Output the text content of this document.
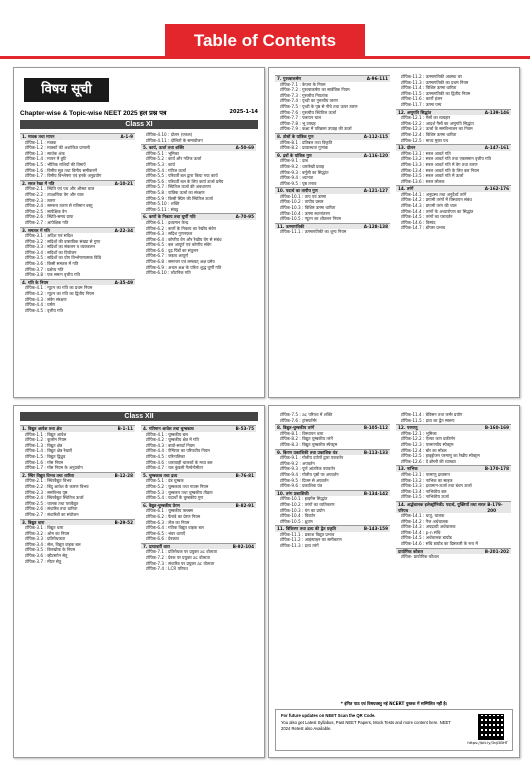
Table of Contents
विषय सूची
Chapter-wise & Topic-wise NEET 2025 हल प्रश्न पत्र	2025-1-14
Class XI
1. मात्रक तथा मापन	A-1-9
टॉपिक-1.1 : मात्रक
टॉपिक-1.2 : मात्रकों की अशांकित प्रणाली
टॉपिक-1.3 : सार्थक अंक
टॉपिक-1.4 : मापन में त्रुटि
टॉपिक-1.5 : भौतिक राशियों की विमाएँ
टॉपिक-1.6 : विमीय सूत्र तथा विमीय समीकरणें
टॉपिक-1.7 : विमीय विश्लेषण एवं इनके अनुप्रयोग
2. सरल रेखा में गति	A-10-21
टॉपिक-2.1 : स्थिति एवं पथ और औसत चाल
टॉपिक-2.2 : तात्क्षणिक वेग और चाल
टॉपिक-2.3 : त्वरण
टॉपिक-2.4 : समरूप त्वरण से गतिमान वस्तु
टॉपिक-2.5 : सापेक्षिक वेग
टॉपिक-2.6 : स्थिति-समय ग्राफ
टॉपिक-2.7 : आपेक्षिक गति
3. समतल में गति	A-22-34
टॉपिक-3.1 : अदिश एवं सदिश
टॉपिक-3.2 : सदिशों की वास्तविक संख्या से गुणा
टॉपिक-3.3 : सदिशों का संकलन व व्यवकलन
टॉपिक-3.4 : सदिशों का वियोजन
टॉपिक-3.5 : सदिशों का योग विश्लेषणात्मक विधि
टॉपिक-3.6 : किसी समतल में गति
टॉपिक-3.7 : प्रक्षेप्य गति
टॉपिक-3.8 : एक समान वृत्तीय गति
4. गति के नियम	A-35-49
टॉपिक-4.1 : न्यूटन का गति का प्रथम नियम
टॉपिक-4.2 : न्यूटन का गति का द्वितीय नियम
टॉपिक-4.3 : संवेग संरक्षण
टॉपिक-4.4 : घर्षण
टॉपिक-4.5 : वृत्तीय गति
टॉपिक-4.10 : दोलन (एकल)
टॉपिक-4.11 : दोलितों के समायोजन
5. कार्य, ऊर्जा तथा शक्ति	A-50-69
टॉपिक-5.1 : भूमिका
टॉपिक-5.2 : कार्य और गतिज ऊर्जा
टॉपिक-5.3 : कार्य
टॉपिक-5.4 : गतिज ऊर्जा
टॉपिक-5.5 : परिवर्ती बल द्वारा किया गया कार्य
टॉपिक-5.6 : परिवर्ती बल के लिए कार्य ऊर्जा प्रमेय
टॉपिक-5.7 : स्थितिज ऊर्जा की अवधारणा
टॉपिक-5.8 : यांत्रिक ऊर्जा का संरक्षण
टॉपिक-5.9 : किसी स्प्रिंग की स्थितिज ऊर्जा
टॉपिक-5.10 : शक्ति
टॉपिक-5.11 : संघट्ट
6. कणों के निकाय तथा घूर्णी गति	A-70-95
टॉपिक-6.1 : द्रव्यमान केन्द्र
टॉपिक-6.2 : कणों के निकाय का रेखीय संवेग
टॉपिक-6.3 : सदिश गुणनफल
टॉपिक-6.4 : कोणीय वेग और रेखीय वेग से संबंध
टॉपिक-6.5 : बल आघूर्ण एवं कोणीय संवेग
टॉपिक-6.6 : दृढ़ पिंडों का संतुलन
टॉपिक-6.7 : जड़त्व आघूर्ण
टॉपिक-6.8 : समान्तर एवं लम्बवत् अक्ष प्रमेय
टॉपिक-6.9 : अचल अक्ष के परितः शुद्ध घूर्णी गति
टॉपिक-6.10 : लोटनिक गति
7. गुरुत्वाकर्षण	A-96-111
टॉपिक-7.1 : केप्लर के नियम
टॉपिक-7.2 : गुरुत्वाकर्षण का सार्वत्रिक नियम
टॉपिक-7.3 : गुरुत्वीय नियतांक
टॉपिक-7.4 : पृथ्वी का गुरुत्वीय त्वरण
टॉपिक-7.5 : पृथ्वी के पृष्ठ से नीचे तथा ऊपर त्वरण
टॉपिक-7.6 : गुरुत्वीय स्थितिज ऊर्जा
टॉपिक-7.7 : पलायन चाल
टॉपिक-7.8 : भू उपग्रह
टॉपिक-7.9 : कक्षा में परिक्रमा उपग्रह की ऊर्जा
8. ठोसों के यांत्रिक गुण	A-112-115
टॉपिक-8.1 : प्रतिबल तथा विकृति
टॉपिक-8.2 : प्रत्यास्थता गुणांक
9. द्रवों के यांत्रिक गुण	A-116-120
टॉपिक-9.1 : दाब
टॉपिक-9.2 : धारारेखी प्रवाह
टॉपिक-9.3 : बर्नूली का सिद्धांत
टॉपिक-9.4 : श्यानता
टॉपिक-9.5 : पृष्ठ तनाव
10. पदार्थ का तापीय गुण	A-121-127
टॉपिक-10.1 : ताप एवं ऊष्मा
टॉपिक-10.2 : तापीय प्रसार
टॉपिक-10.3 : विशिष्ट ऊष्मा धारिता
टॉपिक-10.4 : ऊष्मा स्थानांतरण
टॉपिक-10.5 : न्यूटन का शीतलन नियम
11. ऊष्मागतिकी	A-128-138
टॉपिक-11.1 : ऊष्मागतिकी का शून्य नियम
टॉपिक-11.2 : ऊष्मागतिकी अवस्था चर
टॉपिक-11.3 : ऊष्मागतिकी का प्रथम नियम
टॉपिक-11.4 : विशिष्ट ऊष्मा धारिता
टॉपिक-11.5 : ऊष्मागतिकी का द्वितीय नियम
टॉपिक-11.6 : कार्नो इंजन
टॉपिक-11.7 : ऊष्मा पम्प
12. अणुगति सिद्धांत	A-139-146
टॉपिक-12.1 : गैसों का व्यवहार
टॉपिक-12.2 : आदर्श गैसों का अणुगति सिद्धांत
टॉपिक-12.3 : ऊर्जा के समविभाजन का नियम
टॉपिक-12.4 : विशिष्ट ऊष्मा धारिता
टॉपिक-12.5 : माध्य मुक्त पथ
13. दोलन	A-147-161
टॉपिक-13.1 : सरल आवर्त गति
टॉपिक-13.2 : सरल आवर्त गति तथा एकसमान वृत्तीय गति
टॉपिक-13.3 : सरल आवर्त गति में वेग तथा त्वरण
टॉपिक-13.4 : सरल आवर्त गति के लिए बल नियम
टॉपिक-13.5 : सरल आवर्त गति में ऊर्जा
टॉपिक-13.6 : सरल लोलक
14. तरंगें	A-162-176
टॉपिक-14.1 : अनुप्रस्थ तथा अनुदैर्ध्य तरंगें
टॉपिक-14.2 : प्रगामी तरंगों में विस्थापन संबंध
टॉपिक-14.3 : प्रगामी तरंग की चाल
टॉपिक-14.4 : तरंगों के अध्यारोपण का सिद्धांत
टॉपिक-14.5 : तरंगों का परावर्तन
टॉपिक-14.6 : विस्पंद
टॉपिक-14.7 : डॉप्लर प्रभाव
Class XII
1. विद्युत आवेश तथा क्षेत्र	B-1-11
टॉपिक-1.1 : विद्युत आवेश
टॉपिक-1.2 : कूलॉम नियम
टॉपिक-1.3 : विद्युत क्षेत्र
टॉपिक-1.4 : विद्युत क्षेत्र रेखाएँ
टॉपिक-1.5 : विद्युत द्विध्रुव
टॉपिक-1.6 : गॉस नियम
टॉपिक-1.7 : गॉस नियम के अनुप्रयोग
2. स्थिर विद्युत विभव तथा धारिता	B-12-28
टॉपिक-2.1 : स्थिरवैद्युत विभव
टॉपिक-2.2 : बिंदु आवेश के कारण विभव
टॉपिक-2.3 : समविभव पृष्ठ
टॉपिक-2.4 : स्थिरवैद्युत स्थितिज ऊर्जा
टॉपिक-2.5 : चालक तथा परावैद्युत
टॉपिक-2.6 : संधारित्र तथा धारिता
टॉपिक-2.7 : संधारित्रों का संयोजन
3. विद्युत धारा	B-29-52
टॉपिक-3.1 : विद्युत धारा
टॉपिक-3.2 : ओम का नियम
टॉपिक-3.3 : प्रतिरोधकता
टॉपिक-3.4 : सेल, विद्युत वाहक बल
टॉपिक-3.5 : किरखोफ के नियम
टॉपिक-3.6 : व्हीटस्टोन सेतु
टॉपिक-3.7 : मीटर सेतु
4. गतिमान आवेश तथा चुम्बकत्व	B-53-75
टॉपिक-4.1 : चुम्बकीय बल
टॉपिक-4.2 : चुम्बकीय क्षेत्र में गति
टॉपिक-4.3 : बायो-सावर्ट नियम
टॉपिक-4.4 : ऐम्पियर का परिपथीय नियम
टॉपिक-4.5 : परिनालिका
टॉपिक-4.6 : धारावाही चालकों के मध्य बल
टॉपिक-4.7 : चल कुंडली गैल्वेनोमीटर
5. चुम्बकत्व तथा द्रव्य	B-76-81
टॉपिक-5.1 : दंड चुम्बक
टॉपिक-5.2 : चुम्बकत्व तथा गाउस नियम
टॉपिक-5.3 : चुम्बकन तथा चुम्बकीय तीव्रता
टॉपिक-5.4 : पदार्थों के चुम्बकीय गुण
6. वैद्युत-चुम्बकीय प्रेरण	B-82-91
टॉपिक-6.1 : चुम्बकीय फ्लक्स
टॉपिक-6.2 : फैराडे का प्रेरण नियम
टॉपिक-6.3 : लेंज का नियम
टॉपिक-6.4 : गतिक विद्युत वाहक बल
टॉपिक-6.5 : भंवर धाराएँ
टॉपिक-6.6 : प्रेरकत्व
7. प्रत्यावर्ती धारा	B-92-104
टॉपिक-7.1 : प्रतिरोधक पर प्रयुक्त ac वोल्टता
टॉपिक-7.2 : प्रेरक पर प्रयुक्त ac वोल्टता
टॉपिक-7.3 : संधारित्र पर प्रयुक्त ac वोल्टता
टॉपिक-7.4 : LCR परिपथ
टॉपिक-7.5 : ac परिपथ में शक्ति
टॉपिक-7.6 : ट्रांसफॉर्मर
8. विद्युत-चुम्बकीय तरंगें	B-105-112
टॉपिक-8.1 : विस्थापन धारा
टॉपिक-8.2 : विद्युत चुम्बकीय तरंगें
टॉपिक-8.3 : विद्युत चुम्बकीय स्पेक्ट्रम
9. किरण प्रकाशिकी तथा प्रकाशिक यंत्र	B-113-133
टॉपिक-9.1 : गोलीय दर्पणों द्वारा परावर्तन
टॉपिक-9.2 : अपवर्तन
टॉपिक-9.3 : पूर्ण आंतरिक परावर्तन
टॉपिक-9.4 : गोलीय पृष्ठों पर अपवर्तन
टॉपिक-9.5 : प्रिज्म से अपवर्तन
टॉपिक-9.6 : प्रकाशिक यंत्र
10. तरंग प्रकाशिकी	B-134-142
टॉपिक-10.1 : हाइगेंस सिद्धांत
टॉपिक-10.2 : तरंगों का व्यतिकरण
टॉपिक-10.3 : यंग का प्रयोग
टॉपिक-10.4 : विवर्तन
टॉपिक-10.5 : ध्रुवण
11. विकिरण तथा द्रव्य की द्वैत प्रकृति	B-143-159
टॉपिक-11.1 : प्रकाश विद्युत प्रभाव
टॉपिक-11.2 : आइंस्टाइन का समीकरण
टॉपिक-11.3 : द्रव्य तरंगें
टॉपिक-11.4 : डेविसन तथा जर्मर प्रयोग
टॉपिक-11.5 : द्रव्य का द्वैत स्वरूप
12. परमाणु	B-160-169
टॉपिक-12.1 : भूमिका
टॉपिक-12.2 : ऐल्फा कण प्रकीर्णन
टॉपिक-12.3 : परमाण्वीय स्पेक्ट्रम
टॉपिक-12.4 : बोर का मॉडल
टॉपिक-12.5 : हाइड्रोजन परमाणु का रेखीय स्पेक्ट्रम
टॉपिक-12.6 : दे ब्रॉग्ली की व्याख्या
13. नाभिक	B-170-178
टॉपिक-13.1 : परमाणु द्रव्यमान
टॉपिक-13.2 : नाभिक का साइज
टॉपिक-13.3 : द्रव्यमान-ऊर्जा तथा बंधन ऊर्जा
टॉपिक-13.4 : नाभिकीय बल
टॉपिक-13.5 : नाभिकीय ऊर्जा
14. अर्द्धचालक इलेक्ट्रॉनिकी: पदार्थ, युक्तियाँ तथा सरल परिपथ
B-179-200
टॉपिक-14.1 : धातु, चालक
टॉपिक-14.2 : नैज अर्धचालक
टॉपिक-14.3 : अपद्रव्यी अर्धचालक
टॉपिक-14.4 : p-n संधि
टॉपिक-14.5 : अर्धचालक डायोड
टॉपिक-14.6 : संधि डायोड का दिष्टकारी के रूप में
प्रायोगिक कौशल	B-201-202
टॉपिक- प्रायोगिक कौशल
* इंगित पाठ एवं विषयवस्तु नई NCERT पुस्तक में सम्मिलित नहीं है।
For future updates on NEET Scan the QR Code.
You also get Latest Syllabus, Past NEET Papers, Mock Tests and more content here. NEET 2024 Retest also Available.
https://bit.ly/3cjDBHT
